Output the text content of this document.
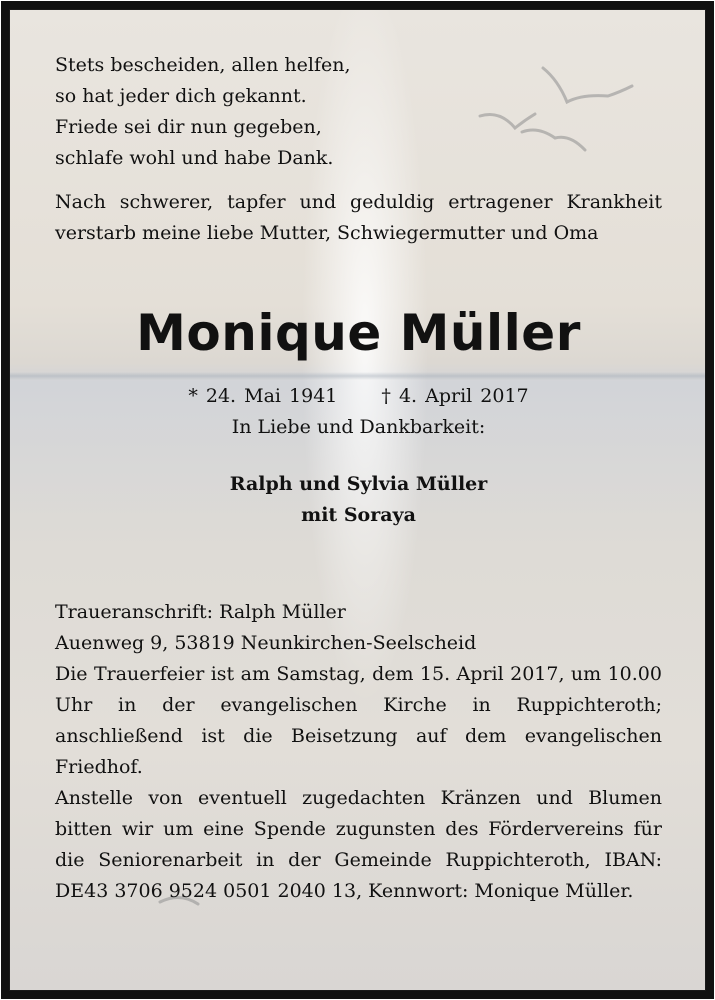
Stets bescheiden, allen helfen,

so hat jeder dich gekannt.

Friede sei dir nun gegeben,

schlafe wohl und habe Dank.

Nach schwerer, tapfer und geduldig ertragener Krankheit verstarb meine liebe Mutter, Schwiegermutter und Oma

Monique Müller
* 24. Mai 1941 † 4. April 2017

In Liebe und Dankbarkeit:

Ralph und Sylvia Müller

mit Soraya

Traueranschrift: Ralph Müller

Auenweg 9, 53819 Neunkirchen-Seelscheid

Die Trauerfeier ist am Samstag, dem 15. April 2017, um 10.00 Uhr in der evangelischen Kirche in Ruppichteroth; anschließend ist die Beisetzung auf dem evangelischen Friedhof.

Anstelle von eventuell zugedachten Kränzen und Blumen bitten wir um eine Spende zugunsten des Fördervereins für die Seniorenarbeit in der Gemeinde Ruppichteroth, IBAN: DE43 3706 9524 0501 2040 13, Kennwort: Monique Müller.
